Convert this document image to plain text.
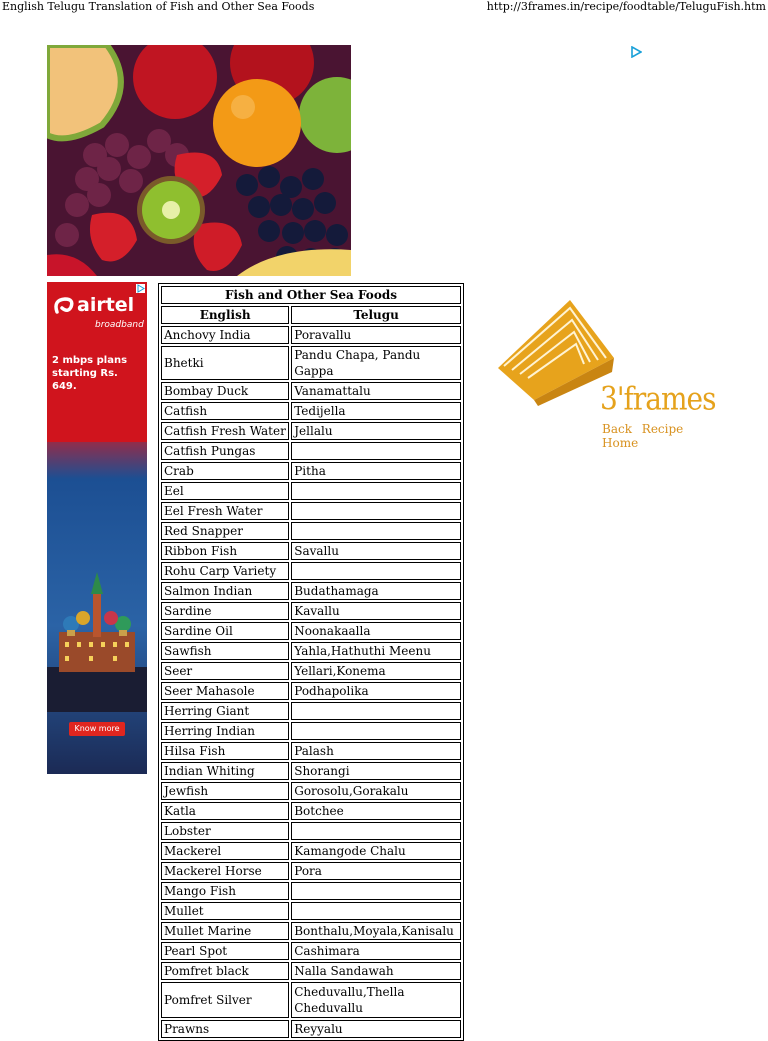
English Telugu Translation of Fish and Other Sea Foods	http://3frames.in/recipe/foodtable/TeluguFish.htm
airtel
broadband
2 mbps plans starting Rs. 649.
Know more
Fish and Other Sea Foods	
English	Telugu
Anchovy India	Poravallu
Bhetki	Pandu Chapa, Pandu Gappa
Bombay Duck	Vanamattalu
Catfish	Tedijella
Catfish Fresh Water	Jellalu
Catfish Pungas	
Crab	Pitha
Eel	
Eel Fresh Water	
Red Snapper	
Ribbon Fish	Savallu
Rohu Carp Variety	
Salmon Indian	Budathamaga
Sardine	Kavallu
Sardine Oil	Noonakaalla
Sawfish	Yahla,Hathuthi Meenu
Seer	Yellari,Konema
Seer Mahasole	Podhapolika
Herring Giant	
Herring Indian	
Hilsa Fish	Palash
Indian Whiting	Shorangi
Jewfish	Gorosolu,Gorakalu
Katla	Botchee
Lobster	
Mackerel	Kamangode Chalu
Mackerel Horse	Pora
Mango Fish	
Mullet	
Mullet Marine	Bonthalu,Moyala,Kanisalu
Pearl Spot	Cashimara
Pomfret black	Nalla Sandawah
Pomfret Silver	Cheduvallu,Thella Cheduvallu
Prawns	Reyyalu
3'frames
Back Recipe Home
